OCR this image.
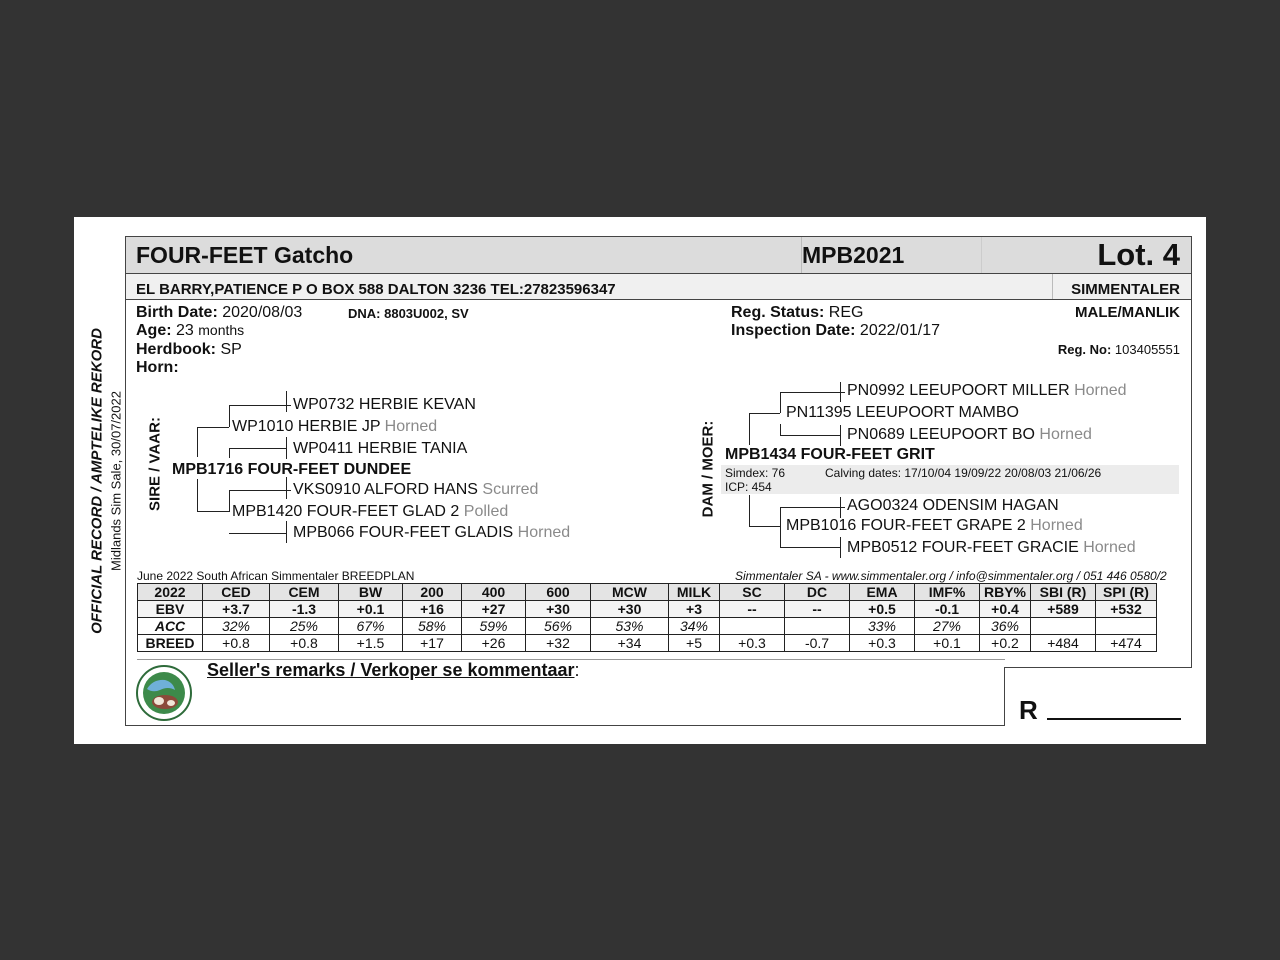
OFFICIAL RECORD / AMPTELIKE REKORD Midlands Sim Sale, 30/07/2022
FOUR-FEET Gatcho	MPB2021	Lot. 4
EL BARRY,PATIENCE P O BOX 588 DALTON 3236 TEL:27823596347	SIMMENTALER
Birth Date: 2020/08/03	DNA: 8803U002, SV
Age: 23 months
Herdbook: SP
Horn:
Reg. Status: REG
Inspection Date: 2022/01/17
MALE/MANLIK
Reg. No: 103405551
SIRE / VAAR:
WP0732 HERBIE KEVAN
WP1010 HERBIE JP Horned
WP0411 HERBIE TANIA
MPB1716 FOUR-FEET DUNDEE
VKS0910 ALFORD HANS Scurred
MPB1420 FOUR-FEET GLAD 2 Polled
MPB066 FOUR-FEET GLADIS Horned
DAM / MOER:
PN0992 LEEUPOORT MILLER Horned
PN11395 LEEUPOORT MAMBO
PN0689 LEEUPOORT BO Horned
MPB1434 FOUR-FEET GRIT
Simdex: 76	Calving dates: 17/10/04 19/09/22 20/08/03 21/06/26
ICP: 454
AGO0324 ODENSIM HAGAN
MPB1016 FOUR-FEET GRAPE 2 Horned
MPB0512 FOUR-FEET GRACIE Horned
June 2022 South African Simmentaler BREEDPLAN	Simmentaler SA - www.simmentaler.org / info@simmentaler.org / 051 446 0580/2
2022	CED	CEM	BW	200	400	600	MCW	MILK	SC	DC	EMA	IMF%	RBY%	SBI (R)	SPI (R)
EBV	+3.7	-1.3	+0.1	+16	+27	+30	+30	+3	--	--	+0.5	-0.1	+0.4	+589	+532
ACC	32%	25%	67%	58%	59%	56%	53%	34%			33%	27%	36%		
BREED	+0.8	+0.8	+1.5	+17	+26	+32	+34	+5	+0.3	-0.7	+0.3	+0.1	+0.2	+484	+474
Seller's remarks / Verkoper se kommentaar:
R
